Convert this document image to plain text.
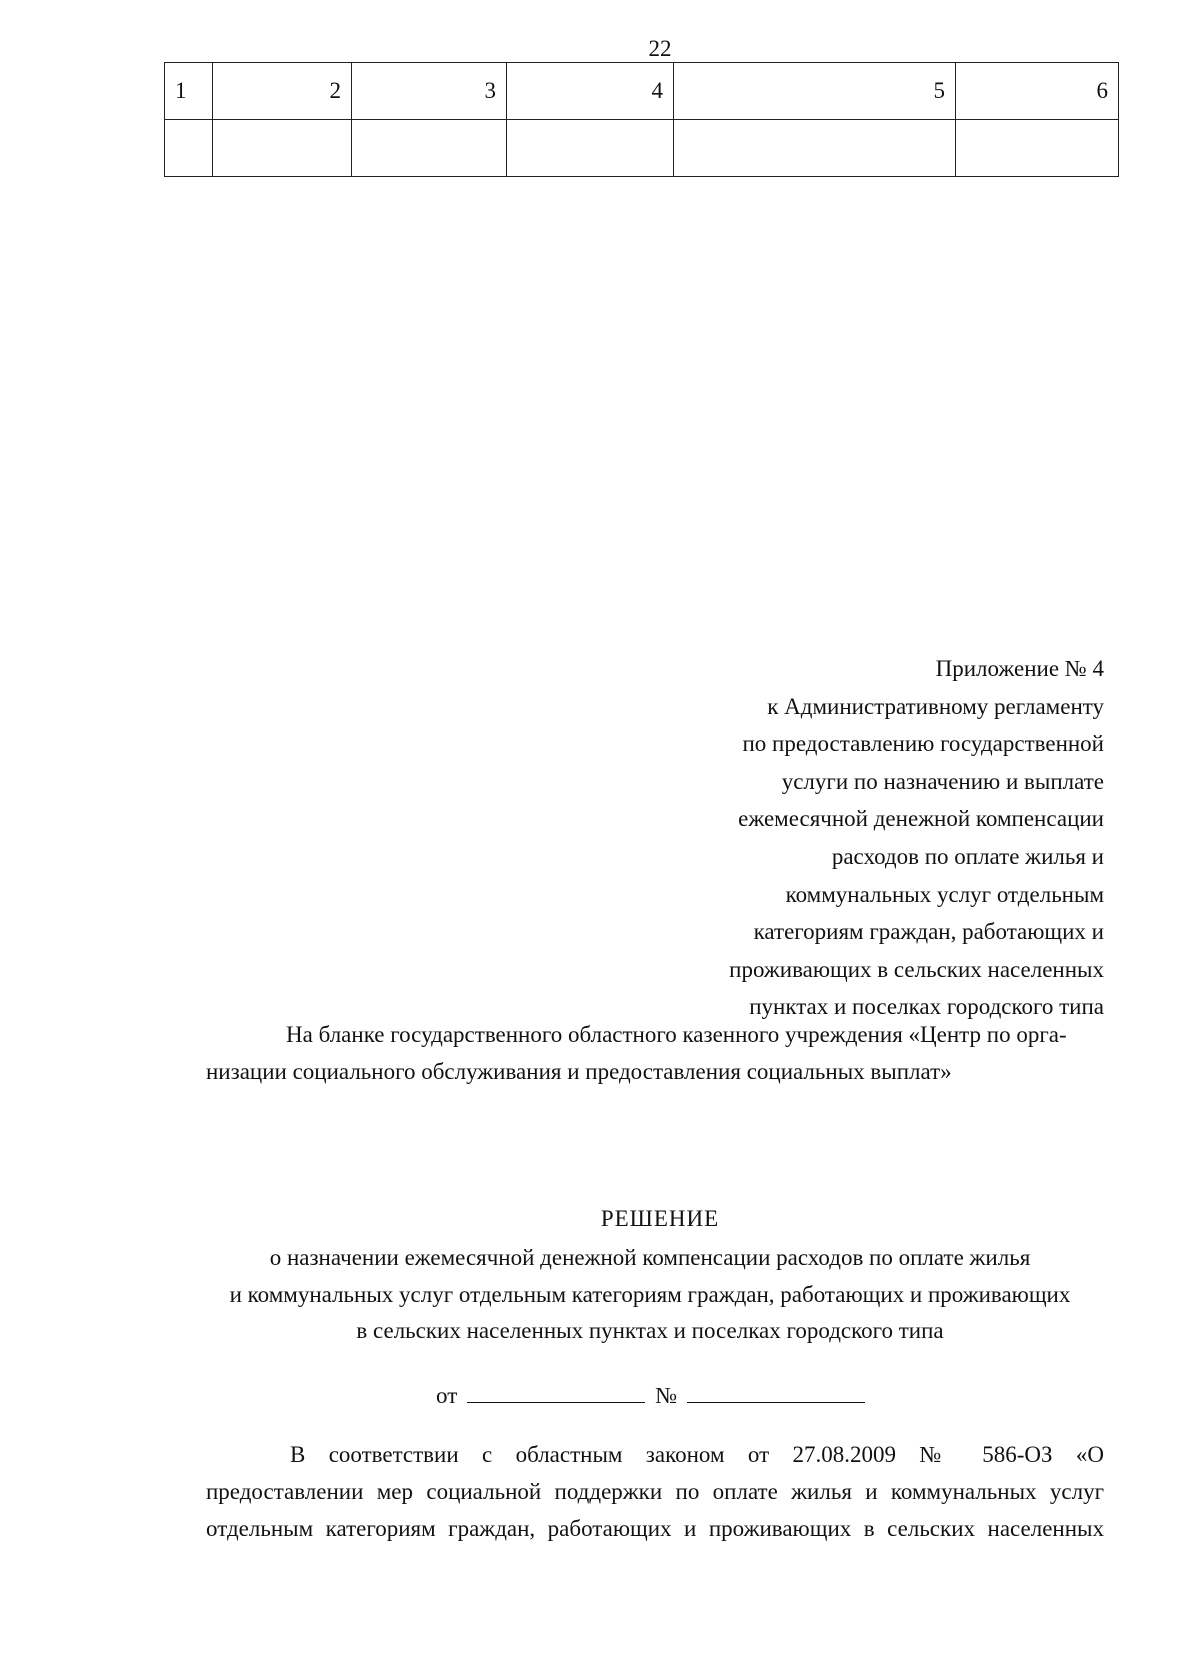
22
1	2	3	4	5	6

Приложение № 4
к Административному регламенту
по предоставлению государственной
услуги по назначению и выплате
ежемесячной денежной компенсации
расходов по оплате жилья и
коммунальных услуг отдельным
категориям граждан, работающих и
проживающих в сельских населенных
пунктах и поселках городского типа
На бланке государственного областного казенного учреждения «Центр по орга-
низации социального обслуживания и предоставления социальных выплат»
РЕШЕНИЕ
о назначении ежемесячной денежной компенсации расходов по оплате жилья
и коммунальных услуг отдельным категориям граждан, работающих и проживающих
в сельских населенных пунктах и поселках городского типа
от	№
В соответствии с областным законом от 27.08.2009 № 586-ОЗ «О
предоставлении мер социальной поддержки по оплате жилья и коммунальных услуг
отдельным категориям граждан, работающих и проживающих в сельских населенных
